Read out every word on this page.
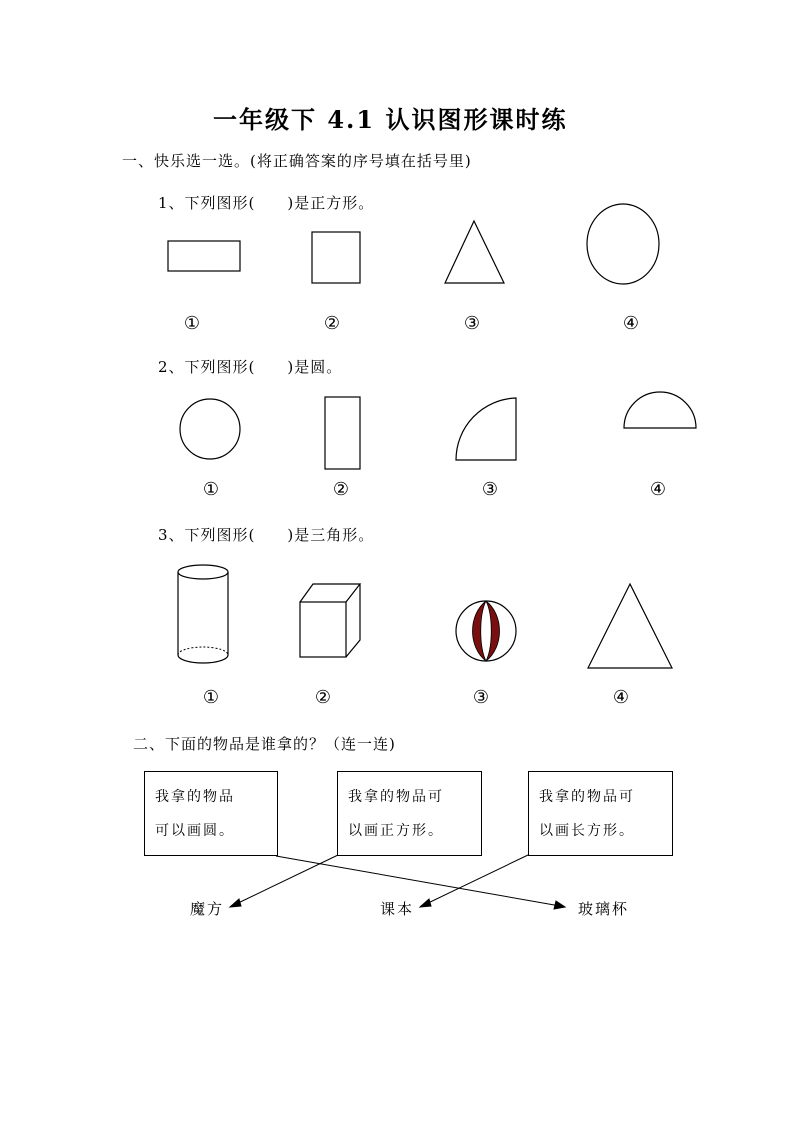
一年级下 4.1 认识图形课时练
一、快乐选一选。(将正确答案的序号填在括号里)
1、下列图形(　　)是正方形。
2、下列图形(　　)是圆。
3、下列图形(　　)是三角形。
①	②	③	④
①	②	③	④
①	②	③	④
二、下面的物品是谁拿的？（连一连)
我拿的物品
可以画圆。
我拿的物品可
以画正方形。
我拿的物品可
以画长方形。
魔方	课本	玻璃杯
